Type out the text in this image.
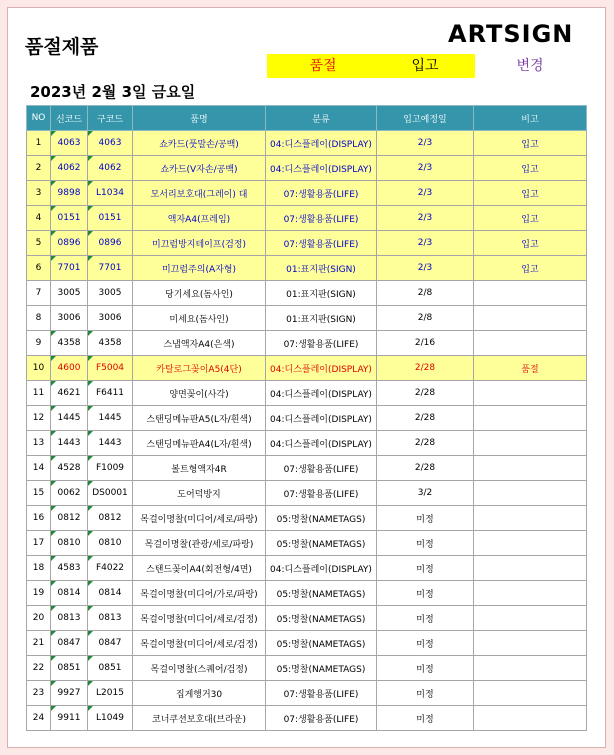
품절제품	ARTSIGN
품절	입고	변경
2023년 2월 3일 금요일
NO	신코드	구코드	품명	분류	입고예정일	비고
1	4063	4063	쇼카드(풋말손/공백)	04:디스플레이(DISPLAY)	2/3	입고
2	4062	4062	쇼카드(V자손/공백)	04:디스플레이(DISPLAY)	2/3	입고
3	9898	L1034	모서리보호대(그레이) 대	07:생활용품(LIFE)	2/3	입고
4	0151	0151	액자A4(프레임)	07:생활용품(LIFE)	2/3	입고
5	0896	0896	미끄럼방지테이프(검정)	07:생활용품(LIFE)	2/3	입고
6	7701	7701	미끄럼주의(A자형)	01:표지판(SIGN)	2/3	입고
7	3005	3005	당기세요(돔사인)	01:표지판(SIGN)	2/8	
8	3006	3006	미세요(돔사인)	01:표지판(SIGN)	2/8	
9	4358	4358	스냅액자A4(은색)	07:생활용품(LIFE)	2/16	
10	4600	F5004	카탈로그꽂이A5(4단)	04:디스플레이(DISPLAY)	2/28	품절
11	4621	F6411	양면꽂이(사각)	04:디스플레이(DISPLAY)	2/28	
12	1445	1445	스탠딩메뉴판A5(L자/흰색)	04:디스플레이(DISPLAY)	2/28	
13	1443	1443	스탠딩메뉴판A4(L자/흰색)	04:디스플레이(DISPLAY)	2/28	
14	4528	F1009	볼트형액자4R	07:생활용품(LIFE)	2/28	
15	0062	DS0001	도어덕방지	07:생활용품(LIFE)	3/2	
16	0812	0812	목걸이명찰(미디어/세로/파랑)	05:명찰(NAMETAGS)	미정	
17	0810	0810	목걸이명찰(관광/세로/파랑)	05:명찰(NAMETAGS)	미정	
18	4583	F4022	스탠드꽂이A4(회전형/4면)	04:디스플레이(DISPLAY)	미정	
19	0814	0814	목걸이명찰(미디어/가로/파랑)	05:명찰(NAMETAGS)	미정	
20	0813	0813	목걸이명찰(미디어/세로/검정)	05:명찰(NAMETAGS)	미정	
21	0847	0847	목걸이명찰(미디어/세로/검정)	05:명찰(NAMETAGS)	미정	
22	0851	0851	목걸이명찰(스퀘어/검정)	05:명찰(NAMETAGS)	미정	
23	9927	L2015	집게행거30	07:생활용품(LIFE)	미정	
24	9911	L1049	코너쿠션보호대(브라운)	07:생활용품(LIFE)	미정	
